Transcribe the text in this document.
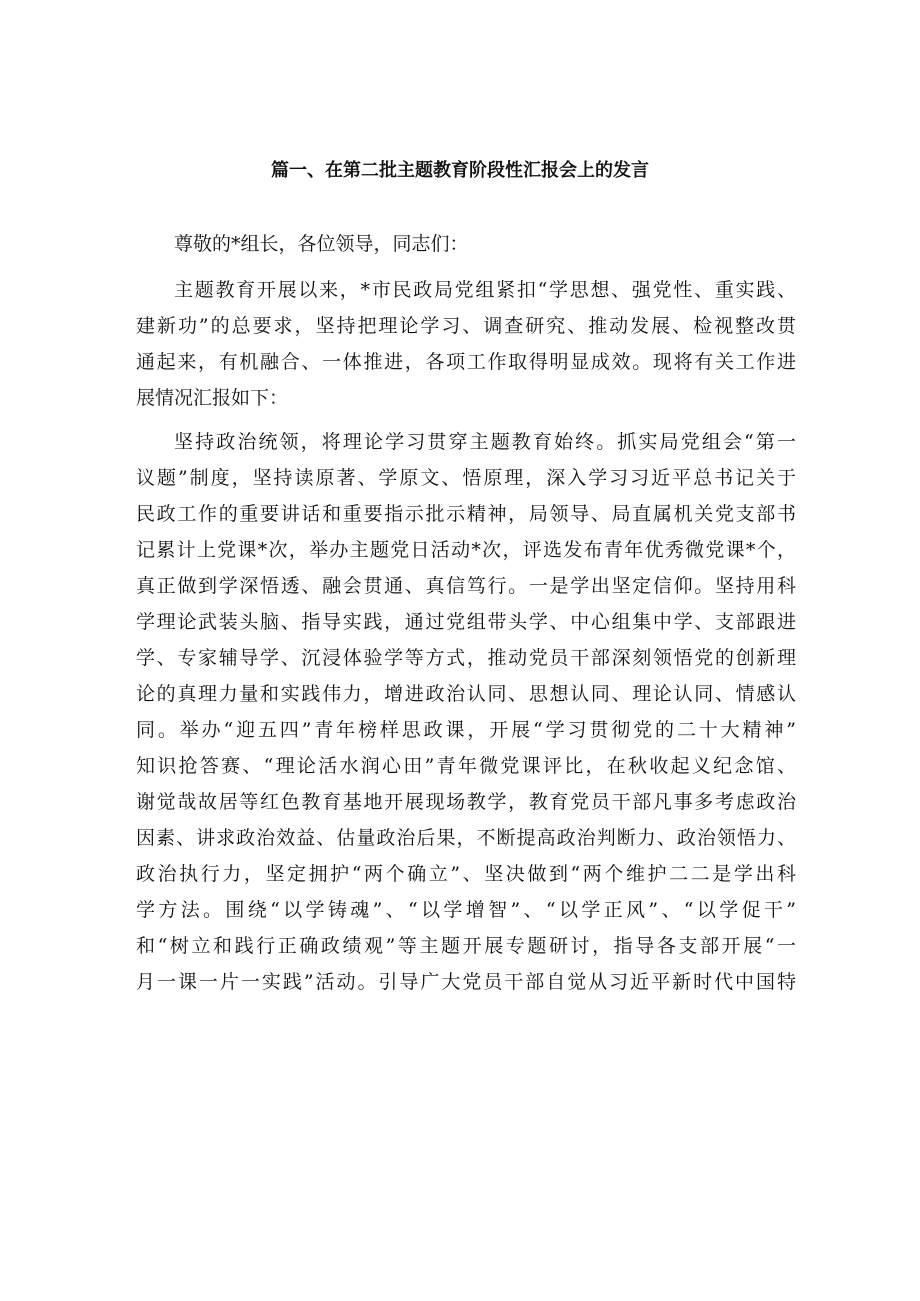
篇一、在第二批主题教育阶段性汇报会上的发言
尊敬的*组长，各位领导，同志们：
主题教育开展以来，*市民政局党组紧扣“学思想、强党性、重实践、
建新功”的总要求，坚持把理论学习、调查研究、推动发展、检视整改贯
通起来，有机融合、一体推进，各项工作取得明显成效。现将有关工作进
展情况汇报如下：
坚持政治统领，将理论学习贯穿主题教育始终。抓实局党组会“第一
议题”制度，坚持读原著、学原文、悟原理，深入学习习近平总书记关于
民政工作的重要讲话和重要指示批示精神，局领导、局直属机关党支部书
记累计上党课*次，举办主题党日活动*次，评选发布青年优秀微党课*个，
真正做到学深悟透、融会贯通、真信笃行。一是学出坚定信仰。坚持用科
学理论武装头脑、指导实践，通过党组带头学、中心组集中学、支部跟进
学、专家辅导学、沉浸体验学等方式，推动党员干部深刻领悟党的创新理
论的真理力量和实践伟力，增进政治认同、思想认同、理论认同、情感认
同。举办“迎五四”青年榜样思政课，开展“学习贯彻党的二十大精神”
知识抢答赛、“理论活水润心田”青年微党课评比，在秋收起义纪念馆、
谢觉哉故居等红色教育基地开展现场教学，教育党员干部凡事多考虑政治
因素、讲求政治效益、估量政治后果，不断提高政治判断力、政治领悟力、
政治执行力，坚定拥护“两个确立”、坚决做到“两个维护二二是学出科
学方法。围绕“以学铸魂”、“以学增智”、“以学正风”、“以学促干”
和“树立和践行正确政绩观”等主题开展专题研讨，指导各支部开展“一
月一课一片一实践”活动。引导广大党员干部自觉从习近平新时代中国特
